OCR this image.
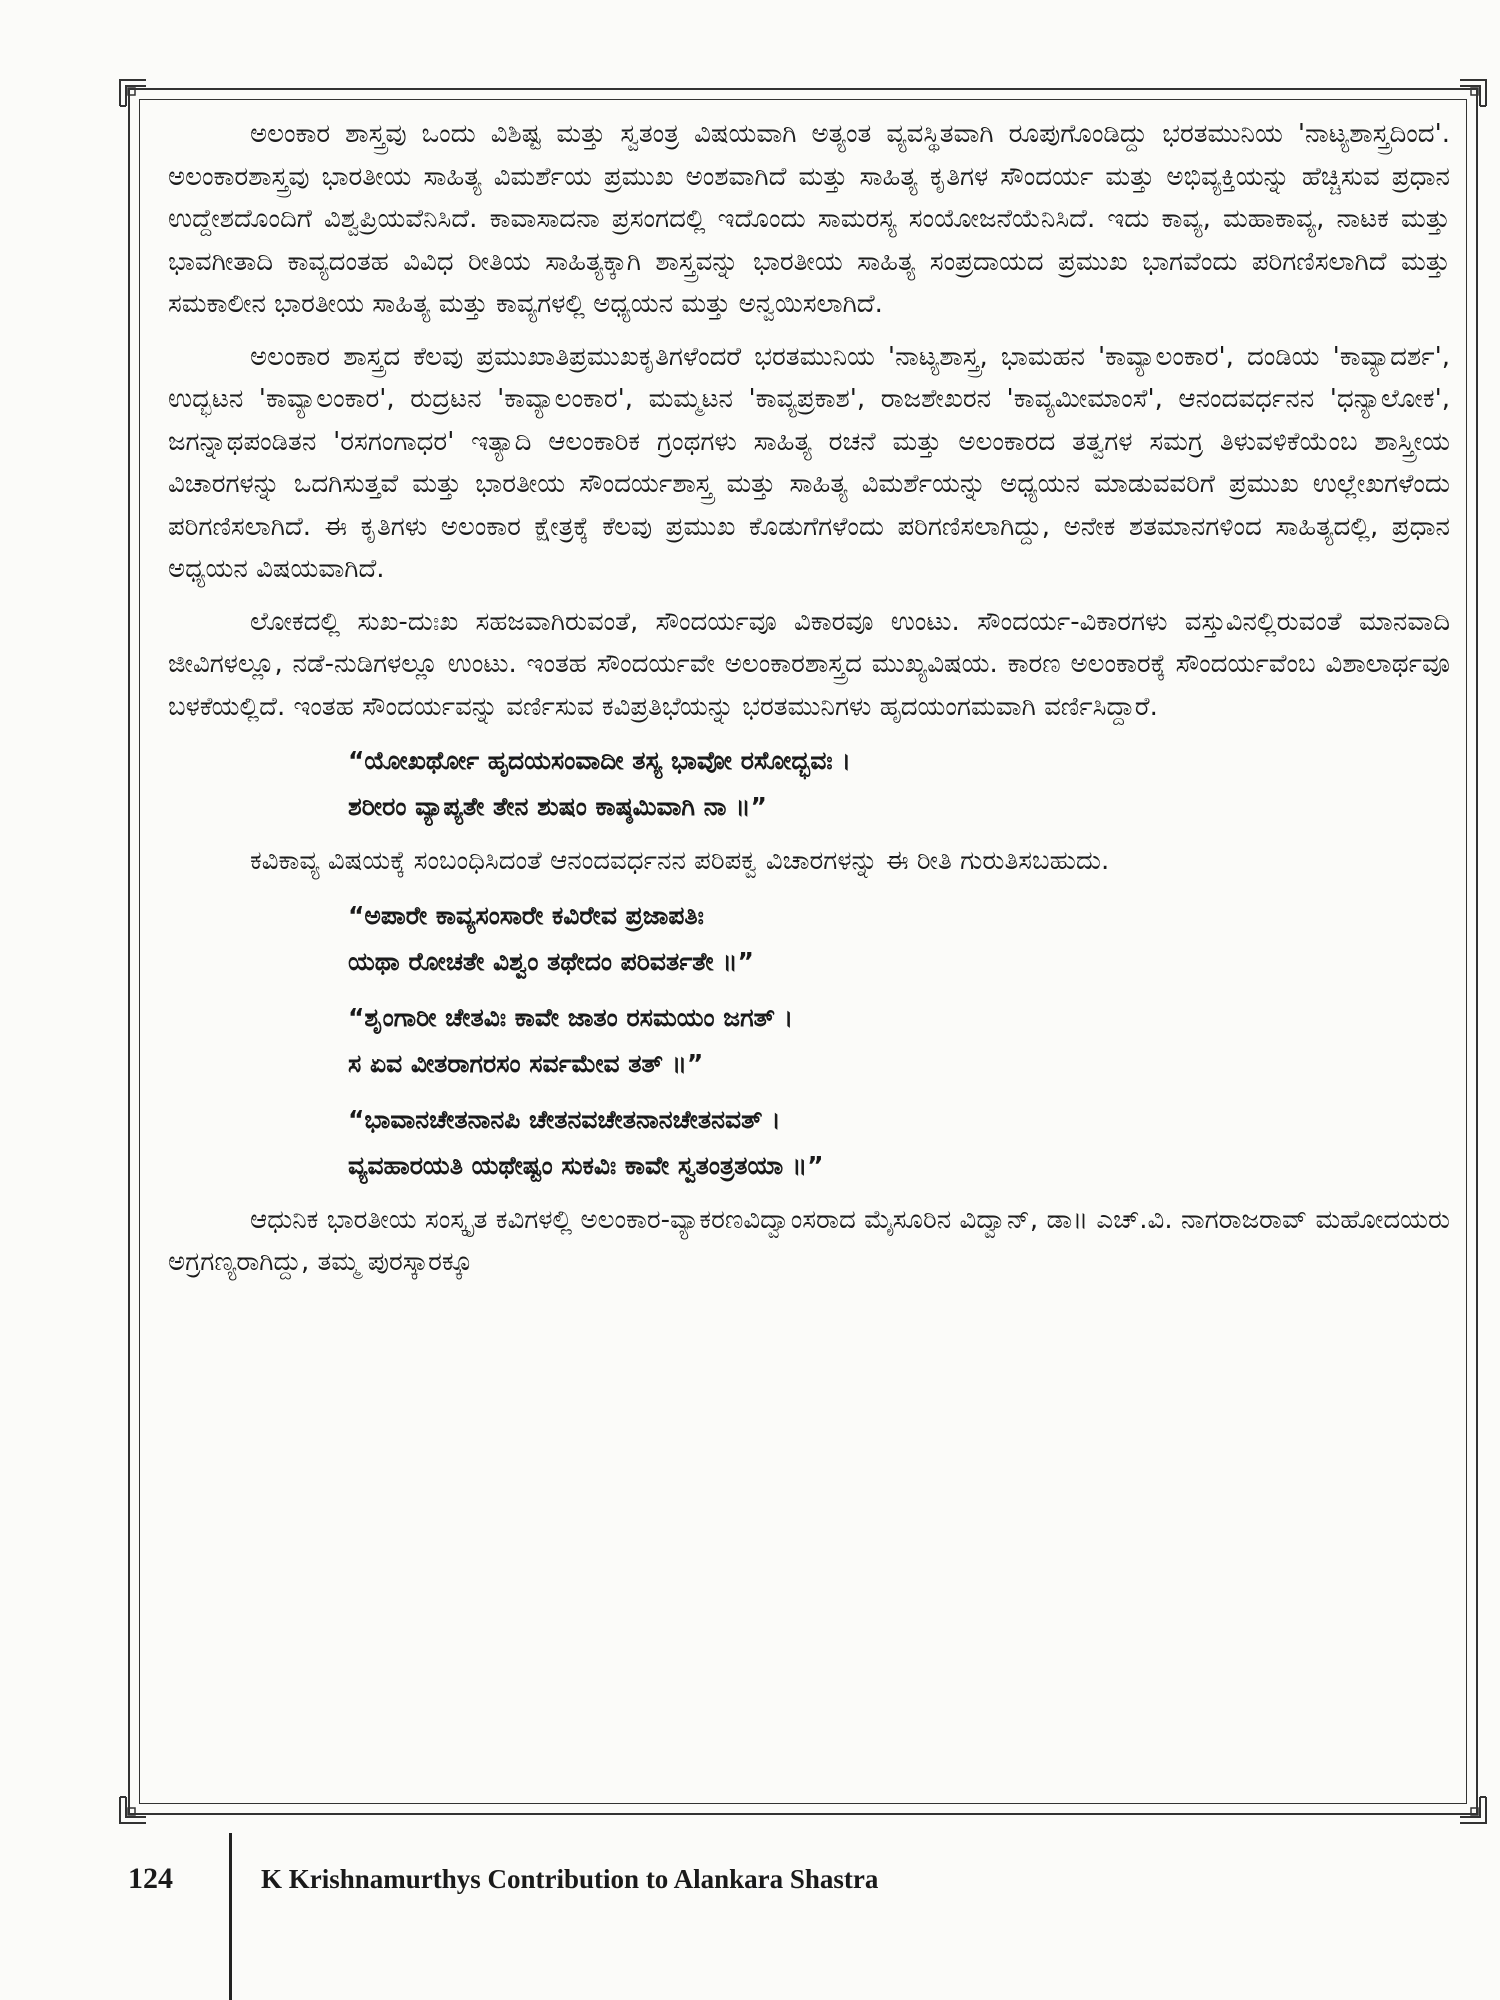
ಅಲಂಕಾರ ಶಾಸ್ತ್ರವು ಒಂದು ವಿಶಿಷ್ಟ ಮತ್ತು ಸ್ವತಂತ್ರ ವಿಷಯವಾಗಿ ಅತ್ಯಂತ ವ್ಯವಸ್ಥಿತವಾಗಿ ರೂಪುಗೊಂಡಿದ್ದು ಭರತಮುನಿಯ 'ನಾಟ್ಯಶಾಸ್ತ್ರದಿಂದ'. ಅಲಂಕಾರಶಾಸ್ತ್ರವು ಭಾರತೀಯ ಸಾಹಿತ್ಯ ವಿಮರ್ಶೆಯ ಪ್ರಮುಖ ಅಂಶವಾಗಿದೆ ಮತ್ತು ಸಾಹಿತ್ಯ ಕೃತಿಗಳ ಸೌಂದರ್ಯ ಮತ್ತು ಅಭಿವ್ಯಕ್ತಿಯನ್ನು ಹೆಚ್ಚಿಸುವ ಪ್ರಧಾನ ಉದ್ದೇಶದೊಂದಿಗೆ ವಿಶ್ವಪ್ರಿಯವೆನಿಸಿದೆ. ಕಾವಾಸಾದನಾ ಪ್ರಸಂಗದಲ್ಲಿ ಇದೊಂದು ಸಾಮರಸ್ಯ ಸಂಯೋಜನೆಯೆನಿಸಿದೆ. ಇದು ಕಾವ್ಯ, ಮಹಾಕಾವ್ಯ, ನಾಟಕ ಮತ್ತು ಭಾವಗೀತಾದಿ ಕಾವ್ಯದಂತಹ ವಿವಿಧ ರೀತಿಯ ಸಾಹಿತ್ಯಕ್ಕಾಗಿ ಶಾಸ್ತ್ರವನ್ನು ಭಾರತೀಯ ಸಾಹಿತ್ಯ ಸಂಪ್ರದಾಯದ ಪ್ರಮುಖ ಭಾಗವೆಂದು ಪರಿಗಣಿಸಲಾಗಿದೆ ಮತ್ತು ಸಮಕಾಲೀನ ಭಾರತೀಯ ಸಾಹಿತ್ಯ ಮತ್ತು ಕಾವ್ಯಗಳಲ್ಲಿ ಅಧ್ಯಯನ ಮತ್ತು ಅನ್ವಯಿಸಲಾಗಿದೆ.

ಅಲಂಕಾರ ಶಾಸ್ತ್ರದ ಕೆಲವು ಪ್ರಮುಖಾತಿಪ್ರಮುಖಕೃತಿಗಳೆಂದರೆ ಭರತಮುನಿಯ 'ನಾಟ್ಯಶಾಸ್ತ್ರ, ಭಾಮಹನ 'ಕಾವ್ಯಾಲಂಕಾರ', ದಂಡಿಯ 'ಕಾವ್ಯಾದರ್ಶ', ಉದ್ಭಟನ 'ಕಾವ್ಯಾಲಂಕಾರ', ರುದ್ರಟನ 'ಕಾವ್ಯಾಲಂಕಾರ', ಮಮ್ಮಟನ 'ಕಾವ್ಯಪ್ರಕಾಶ', ರಾಜಶೇಖರನ 'ಕಾವ್ಯಮೀಮಾಂಸೆ', ಆನಂದವರ್ಧನನ 'ಧನ್ಯಾಲೋಕ', ಜಗನ್ನಾಥಪಂಡಿತನ 'ರಸಗಂಗಾಧರ' ಇತ್ಯಾದಿ ಆಲಂಕಾರಿಕ ಗ್ರಂಥಗಳು ಸಾಹಿತ್ಯ ರಚನೆ ಮತ್ತು ಅಲಂಕಾರದ ತತ್ವಗಳ ಸಮಗ್ರ ತಿಳುವಳಿಕೆಯೆಂಬ ಶಾಸ್ತ್ರೀಯ ವಿಚಾರಗಳನ್ನು ಒದಗಿಸುತ್ತವೆ ಮತ್ತು ಭಾರತೀಯ ಸೌಂದರ್ಯಶಾಸ್ತ್ರ ಮತ್ತು ಸಾಹಿತ್ಯ ವಿಮರ್ಶೆಯನ್ನು ಅಧ್ಯಯನ ಮಾಡುವವರಿಗೆ ಪ್ರಮುಖ ಉಲ್ಲೇಖಗಳೆಂದು ಪರಿಗಣಿಸಲಾಗಿದೆ. ಈ ಕೃತಿಗಳು ಅಲಂಕಾರ ಕ್ಷೇತ್ರಕ್ಕೆ ಕೆಲವು ಪ್ರಮುಖ ಕೊಡುಗೆಗಳೆಂದು ಪರಿಗಣಿಸಲಾಗಿದ್ದು, ಅನೇಕ ಶತಮಾನಗಳಿಂದ ಸಾಹಿತ್ಯದಲ್ಲಿ, ಪ್ರಧಾನ ಅಧ್ಯಯನ ವಿಷಯವಾಗಿದೆ.

ಲೋಕದಲ್ಲಿ ಸುಖ-ದುಃಖ ಸಹಜವಾಗಿರುವಂತೆ, ಸೌಂದರ್ಯವೂ ವಿಕಾರವೂ ಉಂಟು. ಸೌಂದರ್ಯ-ವಿಕಾರಗಳು ವಸ್ತುವಿನಲ್ಲಿರುವಂತೆ ಮಾನವಾದಿ ಜೀವಿಗಳಲ್ಲೂ, ನಡೆ-ನುಡಿಗಳಲ್ಲೂ ಉಂಟು. ಇಂತಹ ಸೌಂದರ್ಯವೇ ಅಲಂಕಾರಶಾಸ್ತ್ರದ ಮುಖ್ಯವಿಷಯ. ಕಾರಣ ಅಲಂಕಾರಕ್ಕೆ ಸೌಂದರ್ಯವೆಂಬ ವಿಶಾಲಾರ್ಥವೂ ಬಳಕೆಯಲ್ಲಿದೆ. ಇಂತಹ ಸೌಂದರ್ಯವನ್ನು ವರ್ಣಿಸುವ ಕವಿಪ್ರತಿಭೆಯನ್ನು ಭರತಮುನಿಗಳು ಹೃದಯಂಗಮವಾಗಿ ವರ್ಣಿಸಿದ್ದಾರೆ.

“ಯೋಖರ್ಥೋ ಹೃದಯಸಂವಾದೀ ತಸ್ಯ ಭಾವೋ ರಸೋದ್ಭವಃ ।
ಶರೀರಂ ವ್ಯಾಪ್ಯತೇ ತೇನ ಶುಷಂ ಕಾಷ್ಠಮಿವಾಗಿ ನಾ ॥”

ಕವಿಕಾವ್ಯ ವಿಷಯಕ್ಕೆ ಸಂಬಂಧಿಸಿದಂತೆ ಆನಂದವರ್ಧನನ ಪರಿಪಕ್ವ ವಿಚಾರಗಳನ್ನು ಈ ರೀತಿ ಗುರುತಿಸಬಹುದು.

“ಅಪಾರೇ ಕಾವ್ಯಸಂಸಾರೇ ಕವಿರೇವ ಪ್ರಜಾಪತಿಃ
ಯಥಾ ರೋಚತೇ ವಿಶ್ವಂ ತಥೇದಂ ಪರಿವರ್ತತೇ ॥”
“ಶೃಂಗಾರೀ ಚೇತವಿಃ ಕಾವೇ ಜಾತಂ ರಸಮಯಂ ಜಗತ್ ।
ಸ ಏವ ವೀತರಾಗರಸಂ ಸರ್ವಮೇವ ತತ್ ॥”
“ಭಾವಾನಚೇತನಾನಪಿ ಚೇತನವಚೇತನಾನಚೇತನವತ್ ।
ವ್ಯವಹಾರಯತಿ ಯಥೇಷ್ಟಂ ಸುಕವಿಃ ಕಾವೇ ಸ್ವತಂತ್ರತಯಾ ॥”

ಆಧುನಿಕ ಭಾರತೀಯ ಸಂಸ್ಕೃತ ಕವಿಗಳಲ್ಲಿ ಅಲಂಕಾರ-ವ್ಯಾಕರಣವಿದ್ವಾಂಸರಾದ ಮೈಸೂರಿನ ವಿದ್ವಾನ್, ಡಾ॥ ಎಚ್.ವಿ. ನಾಗರಾಜರಾವ್ ಮಹೋದಯರು ಅಗ್ರಗಣ್ಯರಾಗಿದ್ದು, ತಮ್ಮ ಪುರಸ್ಕಾರಕ್ಕೂ

124	K Krishnamurthys Contribution to Alankara Shastra
